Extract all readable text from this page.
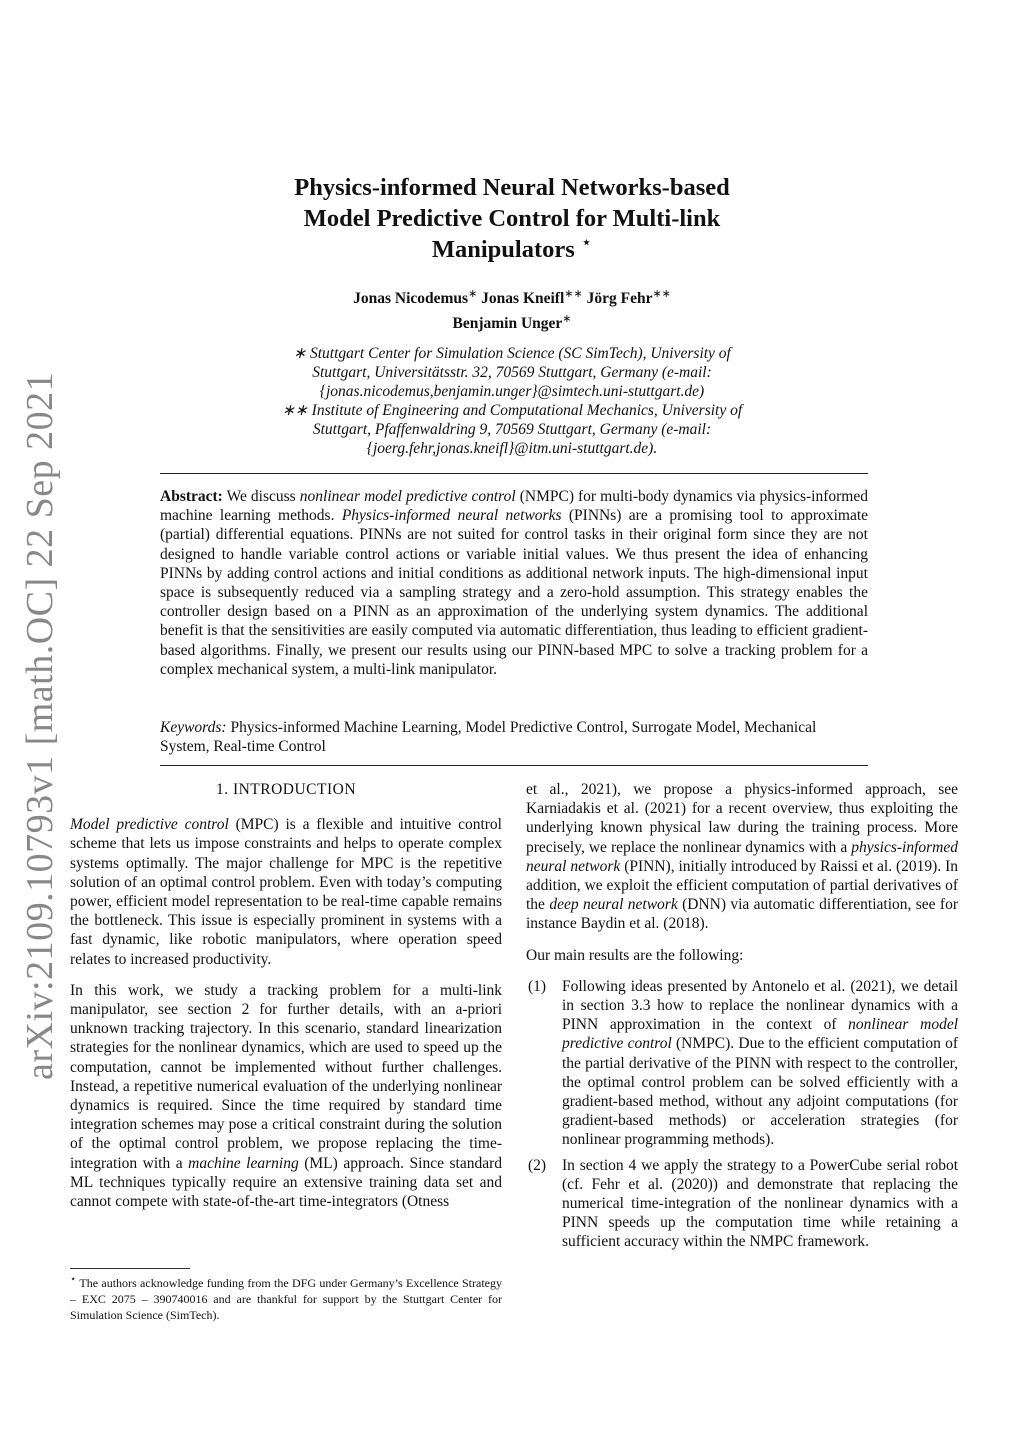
arXiv:2109.10793v1 [math.OC] 22 Sep 2021
Physics-informed Neural Networks-based
Model Predictive Control for Multi-link
Manipulators ⋆
Jonas Nicodemus∗ Jonas Kneifl∗∗ Jörg Fehr∗∗
Benjamin Unger∗
∗ Stuttgart Center for Simulation Science (SC SimTech), University of
Stuttgart, Universitätsstr. 32, 70569 Stuttgart, Germany (e-mail:
{jonas.nicodemus,benjamin.unger}@simtech.uni-stuttgart.de)
∗∗ Institute of Engineering and Computational Mechanics, University of
Stuttgart, Pfaffenwaldring 9, 70569 Stuttgart, Germany (e-mail:
{joerg.fehr,jonas.kneifl}@itm.uni-stuttgart.de).
Abstract: We discuss nonlinear model predictive control (NMPC) for multi-body dynamics via physics-informed machine learning methods. Physics-informed neural networks (PINNs) are a promising tool to approximate (partial) differential equations. PINNs are not suited for control tasks in their original form since they are not designed to handle variable control actions or variable initial values. We thus present the idea of enhancing PINNs by adding control actions and initial conditions as additional network inputs. The high-dimensional input space is subsequently reduced via a sampling strategy and a zero-hold assumption. This strategy enables the controller design based on a PINN as an approximation of the underlying system dynamics. The additional benefit is that the sensitivities are easily computed via automatic differentiation, thus leading to efficient gradient-based algorithms. Finally, we present our results using our PINN-based MPC to solve a tracking problem for a complex mechanical system, a multi-link manipulator.
Keywords: Physics-informed Machine Learning, Model Predictive Control, Surrogate Model, Mechanical System, Real-time Control
1. INTRODUCTION

Model predictive control (MPC) is a flexible and intuitive control scheme that lets us impose constraints and helps to operate complex systems optimally. The major challenge for MPC is the repetitive solution of an optimal control problem. Even with today’s computing power, efficient model representation to be real-time capable remains the bottleneck. This issue is especially prominent in systems with a fast dynamic, like robotic manipulators, where operation speed relates to increased productivity.

In this work, we study a tracking problem for a multi-link manipulator, see section 2 for further details, with an a-priori unknown tracking trajectory. In this scenario, standard linearization strategies for the nonlinear dynamics, which are used to speed up the computation, cannot be implemented without further challenges. Instead, a repetitive numerical evaluation of the underlying nonlinear dynamics is required. Since the time required by standard time integration schemes may pose a critical constraint during the solution of the optimal control problem, we propose replacing the time-integration with a machine learning (ML) approach. Since standard ML techniques typically require an extensive training data set and cannot compete with state-of-the-art time-integrators (Otness

et al., 2021), we propose a physics-informed approach, see Karniadakis et al. (2021) for a recent overview, thus exploiting the underlying known physical law during the training process. More precisely, we replace the nonlinear dynamics with a physics-informed neural network (PINN), initially introduced by Raissi et al. (2019). In addition, we exploit the efficient computation of partial derivatives of the deep neural network (DNN) via automatic differentiation, see for instance Baydin et al. (2018).

Our main results are the following:

(1) Following ideas presented by Antonelo et al. (2021), we detail in section 3.3 how to replace the nonlinear dynamics with a PINN approximation in the context of nonlinear model predictive control (NMPC). Due to the efficient computation of the partial derivative of the PINN with respect to the controller, the optimal control problem can be solved efficiently with a gradient-based method, without any adjoint computations (for gradient-based methods) or acceleration strategies (for nonlinear programming methods).
(2) In section 4 we apply the strategy to a PowerCube serial robot (cf. Fehr et al. (2020)) and demonstrate that replacing the numerical time-integration of the nonlinear dynamics with a PINN speeds up the computation time while retaining a sufficient accuracy within the NMPC framework.
⋆ The authors acknowledge funding from the DFG under Germany’s Excellence Strategy – EXC 2075 – 390740016 and are thankful for support by the Stuttgart Center for Simulation Science (SimTech).
